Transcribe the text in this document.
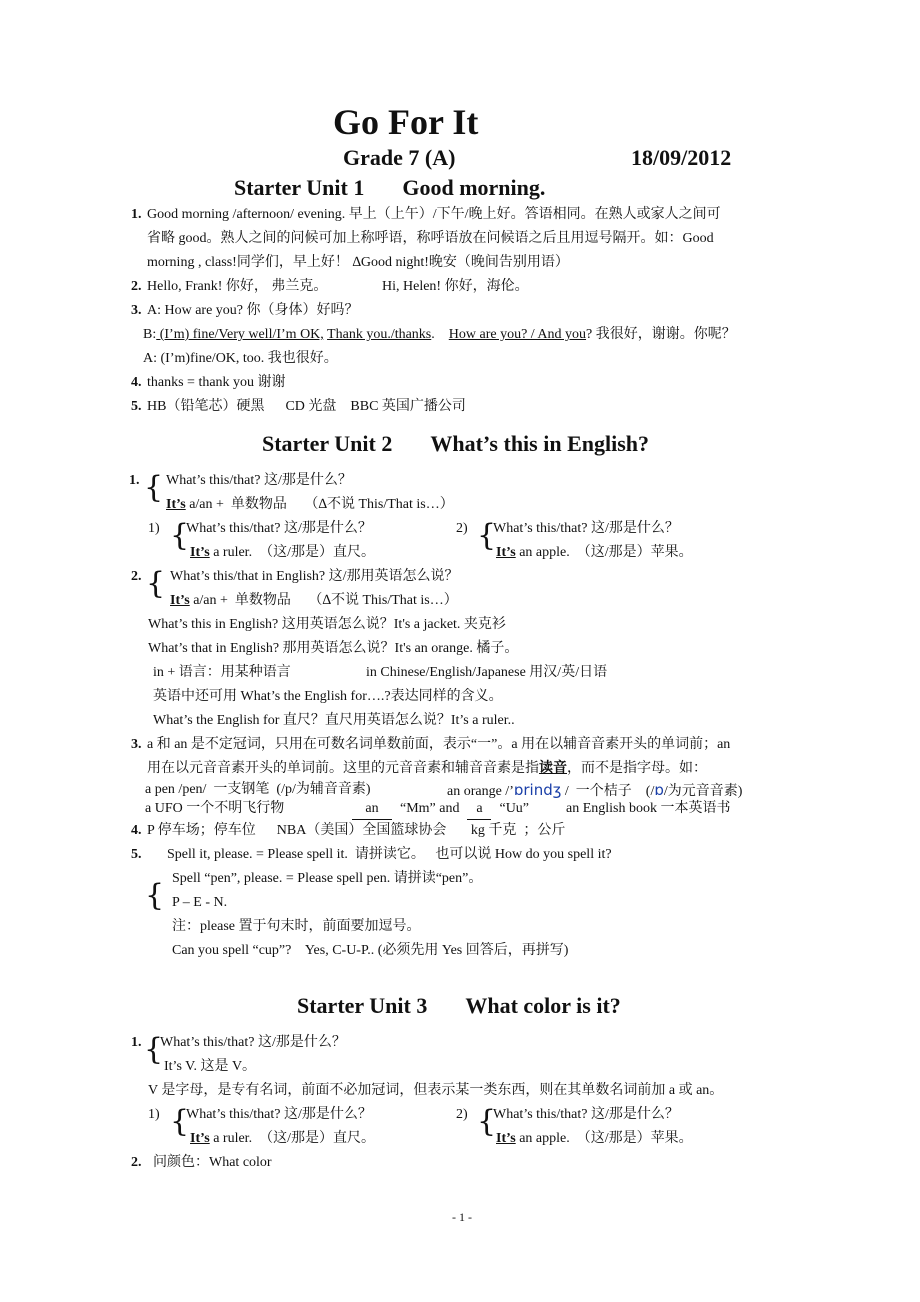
Go For It
Grade 7 (A)	18/09/2012
Starter Unit 1 Good morning.
1. Good morning /afternoon/ evening. 早上（上午）/下午/晚上好。答语相同。在熟人或家人之间可
省略 good。熟人之间的问候可加上称呼语，称呼语放在问候语之后且用逗号隔开。如：Good
morning , class!同学们，早上好！ ∆Good night!晚安（晚间告别用语）
2. Hello, Frank! 你好， 弗兰克。	Hi, Helen! 你好，海伦。
3. A: How are you? 你（身体）好吗？
B: (I’m) fine/Very well/I’m OK, Thank you./thanks.    How are you? / And you? 我很好，谢谢。你呢？
A: (I’m)fine/OK, too. 我也很好。
4. thanks = thank you 谢谢
5. HB（铅笔芯）硬黑      CD 光盘    BBC 英国广播公司
Starter Unit 2 What’s this in English?
1. { What’s this/that? 这/那是什么？
It’s a/an +  单数物品     （∆不说 This/That is…）
1) {
What’s this/that? 这/那是什么？
It’s a ruler.  （这/那是）直尺。
2) {
What’s this/that? 这/那是什么？
It’s an apple.  （这/那是）苹果。
2. { What’s this/that in English? 这/那用英语怎么说？
It’s a/an +  单数物品     （∆不说 This/That is…）
What’s this in English? 这用英语怎么说？It's a jacket. 夹克衫
What’s that in English? 那用英语怎么说？It's an orange. 橘子。
in + 语言：用某种语言	in Chinese/English/Japanese 用汉/英/日语
英语中还可用 What’s the English for….?表达同样的含义。
What’s the English for 直尺？直尺用英语怎么说？It’s a ruler..
3. a 和 an 是不定冠词，只用在可数名词单数前面，表示“一”。a 用在以辅音音素开头的单词前；an
用在以元音音素开头的单词前。这里的元音音素和辅音音素是指读音，而不是指字母。如：
a pen /pen/  一支钢笔  (/p/为辅音音素)	an orange /’ɒrindʒ /  一个桔子    (/ɒ/为元音音素)
a UFO 一个不明飞行物	an “Mm” and a “Uu”	an English book 一本英语书
4. P 停车场；停车位      NBA（美国）全国篮球协会       kg 千克  ；公斤
5. Spell it, please. = Please spell it.  请拼读它。   也可以说 How do you spell it?
{ Spell “pen”, please. = Please spell pen. 请拼读“pen”。
P – E - N.
注：please 置于句末时，前面要加逗号。
Can you spell “cup”?    Yes, C-U-P.. (必须先用 Yes 回答后，再拼写)
Starter Unit 3 What color is it?
1. {
What’s this/that? 这/那是什么？
It’s V. 这是 V。
V 是字母，是专有名词，前面不必加冠词，但表示某一类东西，则在其单数名词前加 a 或 an。
1) {
What’s this/that? 这/那是什么？
It’s a ruler.  （这/那是）直尺。
2) {
What’s this/that? 这/那是什么？
It’s an apple.  （这/那是）苹果。
2. 问颜色：What color
- 1 -
